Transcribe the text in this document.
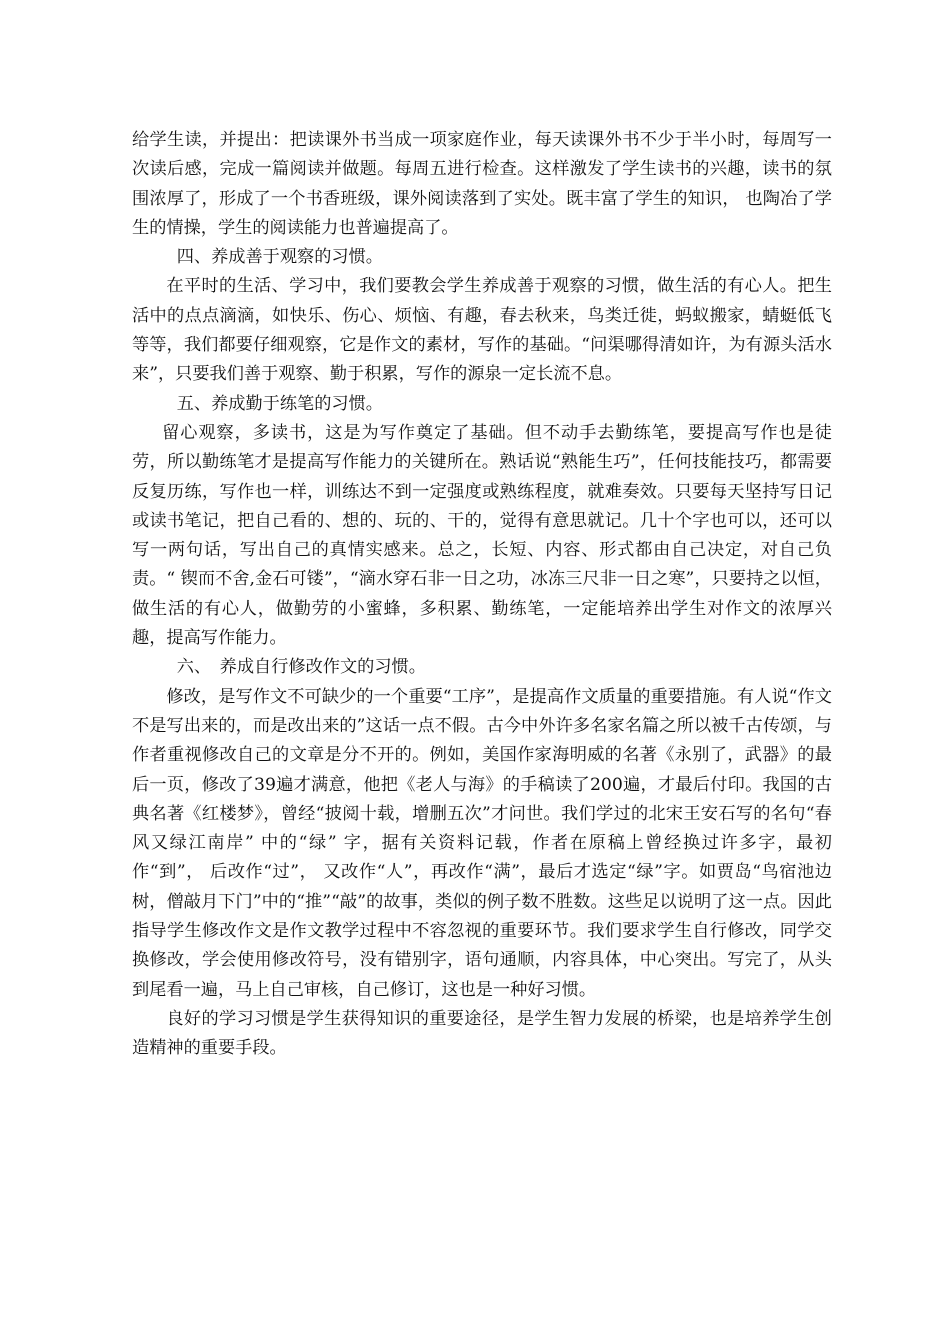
给学生读，并提出：把读课外书当成一项家庭作业，每天读课外书不少于半小时，每周写一次读后感，完成一篇阅读并做题。每周五进行检查。这样激发了学生读书的兴趣，读书的氛围浓厚了，形成了一个书香班级，课外阅读落到了实处。既丰富了学生的知识， 也陶冶了学生的情操，学生的阅读能力也普遍提高了。

四、养成善于观察的习惯。

在平时的生活、学习中，我们要教会学生养成善于观察的习惯，做生活的有心人。把生活中的点点滴滴，如快乐、伤心、烦恼、有趣，春去秋来，鸟类迁徙，蚂蚁搬家，蜻蜓低飞等等，我们都要仔细观察，它是作文的素材，写作的基础。“问渠哪得清如许，为有源头活水来”，只要我们善于观察、勤于积累，写作的源泉一定长流不息。

五、养成勤于练笔的习惯。

留心观察，多读书，这是为写作奠定了基础。但不动手去勤练笔，要提高写作也是徒劳，所以勤练笔才是提高写作能力的关键所在。熟话说“熟能生巧”，任何技能技巧，都需要反复历练，写作也一样，训练达不到一定强度或熟练程度，就难奏效。只要每天坚持写日记或读书笔记，把自己看的、想的、玩的、干的，觉得有意思就记。几十个字也可以，还可以写一两句话，写出自己的真情实感来。总之，长短、内容、形式都由自己决定，对自己负责。“ 锲而不舍,金石可镂”，“滴水穿石非一日之功，冰冻三尺非一日之寒”，只要持之以恒，做生活的有心人，做勤劳的小蜜蜂，多积累、勤练笔，一定能培养出学生对作文的浓厚兴趣，提高写作能力。

六、　养成自行修改作文的习惯。

修改，是写作文不可缺少的一个重要“工序”，是提高作文质量的重要措施。有人说“作文不是写出来的，而是改出来的”这话一点不假。古今中外许多名家名篇之所以被千古传颂，与作者重视修改自己的文章是分不开的。例如，美国作家海明威的名著《永别了，武器》的最后一页，修改了39遍才满意，他把《老人与海》的手稿读了200遍，才最后付印。我国的古典名著《红楼梦》，曾经“披阅十载，增删五次”才问世。我们学过的北宋王安石写的名句“春风又绿江南岸” 中的“绿” 字，据有关资料记载，作者在原稿上曾经换过许多字，最初作“到”， 后改作“过”， 又改作“人”，再改作“满”，最后才选定“绿”字。如贾岛“鸟宿池边树，僧敲月下门”中的“推”“敲”的故事，类似的例子数不胜数。这些足以说明了这一点。因此指导学生修改作文是作文教学过程中不容忽视的重要环节。我们要求学生自行修改，同学交换修改，学会使用修改符号，没有错别字，语句通顺，内容具体，中心突出。写完了，从头到尾看一遍，马上自己审核，自己修订，这也是一种好习惯。

良好的学习习惯是学生获得知识的重要途径，是学生智力发展的桥梁，也是培养学生创造精神的重要手段。
